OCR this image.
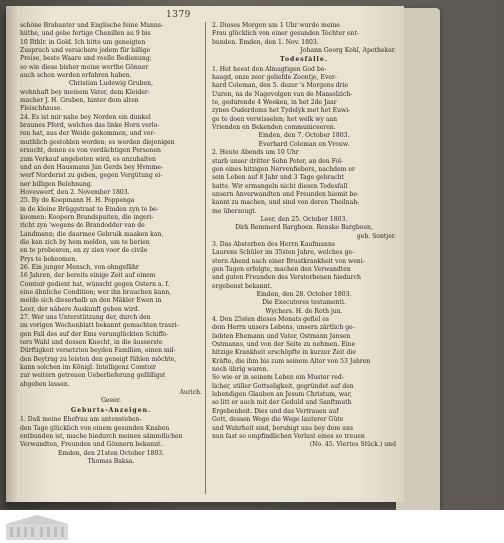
1379
schöne Brabanter und Englische feine Manns-
hüthe, und gebe fertige Chenillen au 9 bis
10 Rthlr. in Gold. Ich bitte um geneigten
Zuspruch und versichere jedem für billige
Preise, beste Waare und reelle Bedienung;
so wie diese bisher meine werthe Gönner
auch schon werden erfahren haben.
Christian Ludewig Gruben,
wohnhaft bey meinem Vater, dem Kleider-
macher J. H. Gruben, hinter dem alten
Fleischhause.
24. Es ist mir nahe bey Norden ein dunkel
braunes Pferd, welches das linke Horn verlo-
ren hat, aus der Weide gekommen, und ver-
muthlich gestohlen worden; es werden diejenigen
ersucht, denen es von verdächtigen Personen
zum Verkauf angeboten wird, es anzuhalten
und an den Hausmann Jan Gerds bey Hvmme-
werf Norderist zu geben, gegen Vergütung ei-
ner billigen Belohnung.
Hoveswerf, den 2. November 1803.
25. By de Koopmann H. H. Poppenga
in de kleine Brüggstraat te Emden zyn te be-
koomen: Koopern Brandspuiten, die ingeri-
richt zyn 'wegens de Brandodder van de
Landmann; die daarmee Gebruik maaken kan,
die kan zich by hem melden, um te berien
en te probeeren, en zy zien voor de civile
Prys te bekoomen.
26. Ein junger Mensch, von ohngefähr
16 Jahren, der bereits einige Zeit auf einem
Comtoir gedient hat, wünscht gegen Ostern a. f.
eine ähnliche Condition; wer ihn brauchen kann,
melde sich dieserhalb an den Mäkler Ewen in
Leer, der nähere Auskunft geben wird.
27. Wer uns Unterstützung der, durch den
im vorigen Wochenblatt bekannt gemachten trauri-
gen Fall des auf der Ems verunglückten Schiffe-
ters Wahl und dessen Knecht, in die äusserste
Dürftigkeit versetzten beyden Familien, einen mil-
den Beytrag zu leisten den geneigt fühlen möchte,
kann solchen im Königl. Intelligenz Comtoir
zur weitern getreuen Ueberlieferung gefälligst
abgeben lassen.
Aurich.
Geeer.
Geburts-Anzeigen.
1. Daß meine Ehefrau am untenstehen-
den Tage glücklich von einem gesunden Knaben
entbunden ist, mache hiedurch meinen sämmtlichen
Verwandten, Freunden und Gönnern bekannt.
Emden, den 21sten October 1803.
Thomas Baksa.
2. Dieses Morgen um 1 Uhr wurde meine
Frau glücklich von einer gesunden Tochter ent-
bunden. Emden, den 1. Nov. 1803.
Johann Georg Kohl, Apotheker.
Todesfälle.
1. Het heest den Almagtigen God be-
haagd, onze zeer geliefde Zoontje, Ever-
hard Coleman, den 5. dezer 's Morgens drie
Uuren, na de Nagevolgen van de Maaselzich-
te, gedurende 4 Weeken, in het 2de Jaar
zynes Ouderdoms het Tydelyk met het Euwi-
ge te doen verwisselen; het welk wy aan
Vrienden en Bekenden communiceeren.
Emden, den 7. October 1803.
Everhard Coleman en Vrouw.
2. Heute Abends um 10 Uhr
starb unser dritter Sohn Peter, an den Fol-
gen eines hitzigen Nervenfiebers, nachdem er
sein Leben auf 8 Jahr und 3 Tage gebracht
hatte. Wir ermangeln nicht diesen Todesfall
unsern Anverwandten und Freunden hiemit be-
kannt zu machen, und sind von deren Theilnah-
me überzeugt.
Leer, den 25. October 1803.
Dirk Remmerd Bargboen. Renske Bargboen,
geb. Sontjer.
3. Das Absterben des Herrn Kaufmanns
Laurens Schüler im 35sten Jahre, welches ge-
stern Abend nach einer Brustkrankheit von weni-
gen Tagen erfolgte, machen den Verwandten
und guten Freunden des Verstorbenen hiedurch
ergebenst bekannt.
Emden, den 28. October 1803.
Die Executores testamenti.
Wychers. H. de Roth jun.
4. Den 25sten dieses Monats gefiel es
dem Herrn unsers Lebens, unsern zärtlich ge-
liebten Ehemann und Vater, Ostmann Jansen
Ostmanns, und von der Seite zu nehmen. Eine
hitzige Krankheit erschöpfte in kurzer Zeit die
Kräfte, die ihm bis zum seinem Alter von 53 Jahren
noch übrig waren.
So wie er in seinem Leben ein Muster red-
licher, stiller Gottseligkeit, gegründet auf den
lebendigen Glauben an Jesum Christum, war,
so litt er auch mit der Geduld und Sanftmuth
Ergebenheit. Dies und das Vertrauen auf
Gott, dessen Wege die Wege lauterer Güte
und Wahrheit sind, beruhigt uns bey dem uns
nun fast so empfindlichen Verlust eines so treuen
(No. 45. Viertes Stück.) und
